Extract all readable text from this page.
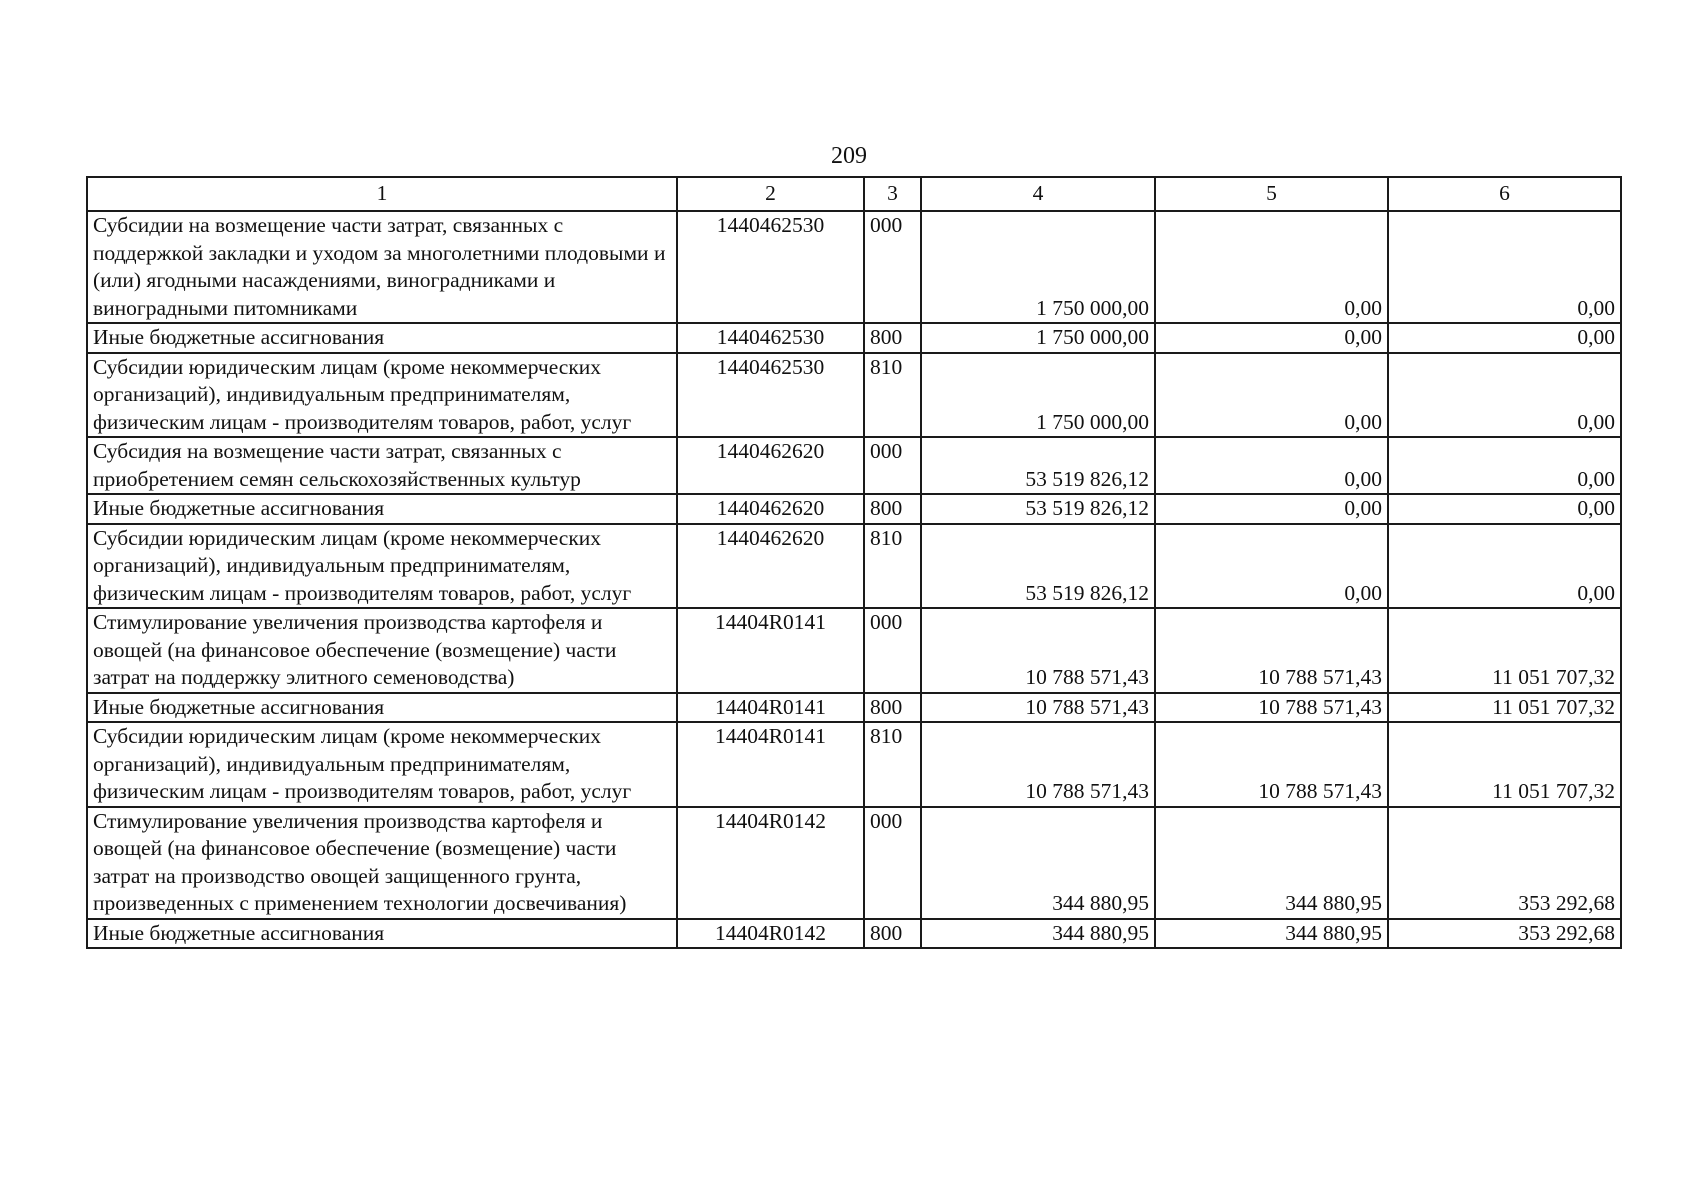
209
1	2	3	4	5	6
Субсидии на возмещение части затрат, связанных с поддержкой закладки и уходом за многолетними плодовыми и (или) ягодными насаждениями, виноградниками и виноградными питомниками	1440462530	000	1 750 000,00	0,00	0,00
Иные бюджетные ассигнования	1440462530	800	1 750 000,00	0,00	0,00
Субсидии юридическим лицам (кроме некоммерческих организаций), индивидуальным предпринимателям, физическим лицам - производителям товаров, работ, услуг	1440462530	810	1 750 000,00	0,00	0,00
Субсидия на возмещение части затрат, связанных с приобретением семян сельскохозяйственных культур	1440462620	000	53 519 826,12	0,00	0,00
Иные бюджетные ассигнования	1440462620	800	53 519 826,12	0,00	0,00
Субсидии юридическим лицам (кроме некоммерческих организаций), индивидуальным предпринимателям, физическим лицам - производителям товаров, работ, услуг	1440462620	810	53 519 826,12	0,00	0,00
Стимулирование увеличения производства картофеля и овощей (на финансовое обеспечение (возмещение) части затрат на поддержку элитного семеноводства)	14404R0141	000	10 788 571,43	10 788 571,43	11 051 707,32
Иные бюджетные ассигнования	14404R0141	800	10 788 571,43	10 788 571,43	11 051 707,32
Субсидии юридическим лицам (кроме некоммерческих организаций), индивидуальным предпринимателям, физическим лицам - производителям товаров, работ, услуг	14404R0141	810	10 788 571,43	10 788 571,43	11 051 707,32
Стимулирование увеличения производства картофеля и овощей (на финансовое обеспечение (возмещение) части затрат на производство овощей защищенного грунта, произведенных с применением технологии досвечивания)	14404R0142	000	344 880,95	344 880,95	353 292,68
Иные бюджетные ассигнования	14404R0142	800	344 880,95	344 880,95	353 292,68
